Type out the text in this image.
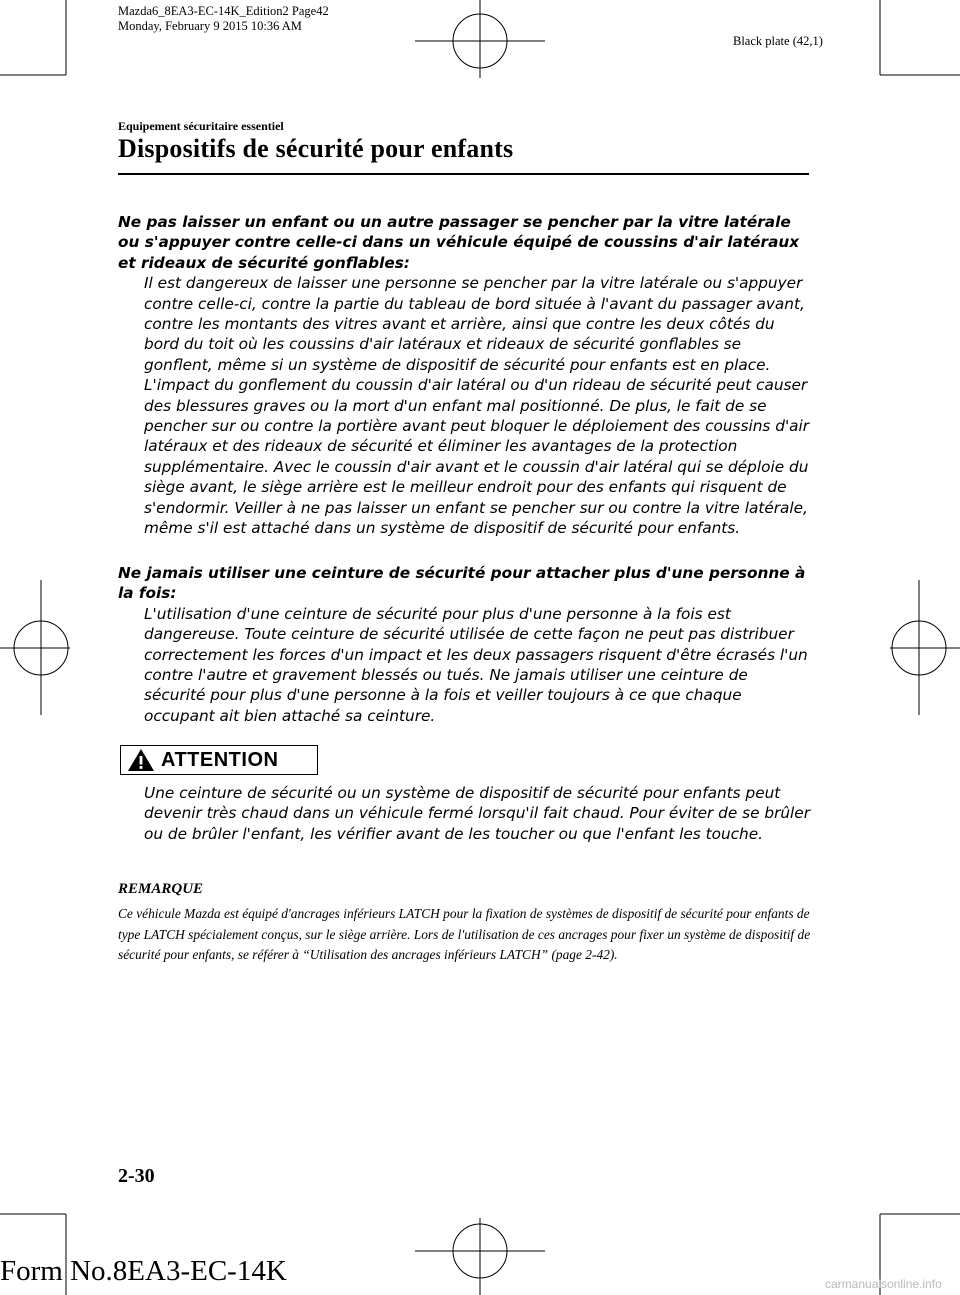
Mazda6_8EA3-EC-14K_Edition2 Page42
Monday, February 9 2015 10:36 AM
Black plate (42,1)
Equipement sécuritaire essentiel
Dispositifs de sécurité pour enfants

Ne pas laisser un enfant ou un autre passager se pencher par la vitre latérale ou s'appuyer contre celle-ci dans un véhicule équipé de coussins d'air latéraux et rideaux de sécurité gonflables:

Il est dangereux de laisser une personne se pencher par la vitre latérale ou s'appuyer contre celle-ci, contre la partie du tableau de bord située à l'avant du passager avant, contre les montants des vitres avant et arrière, ainsi que contre les deux côtés du bord du toit où les coussins d'air latéraux et rideaux de sécurité gonflables se gonflent, même si un système de dispositif de sécurité pour enfants est en place. L'impact du gonflement du coussin d'air latéral ou d'un rideau de sécurité peut causer des blessures graves ou la mort d'un enfant mal positionné. De plus, le fait de se pencher sur ou contre la portière avant peut bloquer le déploiement des coussins d'air latéraux et des rideaux de sécurité et éliminer les avantages de la protection supplémentaire. Avec le coussin d'air avant et le coussin d'air latéral qui se déploie du siège avant, le siège arrière est le meilleur endroit pour des enfants qui risquent de s'endormir. Veiller à ne pas laisser un enfant se pencher sur ou contre la vitre latérale, même s'il est attaché dans un système de dispositif de sécurité pour enfants.

Ne jamais utiliser une ceinture de sécurité pour attacher plus d'une personne à la fois:

L'utilisation d'une ceinture de sécurité pour plus d'une personne à la fois est dangereuse. Toute ceinture de sécurité utilisée de cette façon ne peut pas distribuer correctement les forces d'un impact et les deux passagers risquent d'être écrasés l'un contre l'autre et gravement blessés ou tués. Ne jamais utiliser une ceinture de sécurité pour plus d'une personne à la fois et veiller toujours à ce que chaque occupant ait bien attaché sa ceinture.

ATTENTION
Une ceinture de sécurité ou un système de dispositif de sécurité pour enfants peut devenir très chaud dans un véhicule fermé lorsqu'il fait chaud. Pour éviter de se brûler ou de brûler l'enfant, les vérifier avant de les toucher ou que l'enfant les touche.
REMARQUE
Ce véhicule Mazda est équipé d'ancrages inférieurs LATCH pour la fixation de systèmes de dispositif de sécurité pour enfants de type LATCH spécialement conçus, sur le siège arrière. Lors de l'utilisation de ces ancrages pour fixer un système de dispositif de sécurité pour enfants, se référer à “Utilisation des ancrages inférieurs LATCH” (page 2-42).
2-30
Form No.8EA3-EC-14K	carmanualsonline.info
